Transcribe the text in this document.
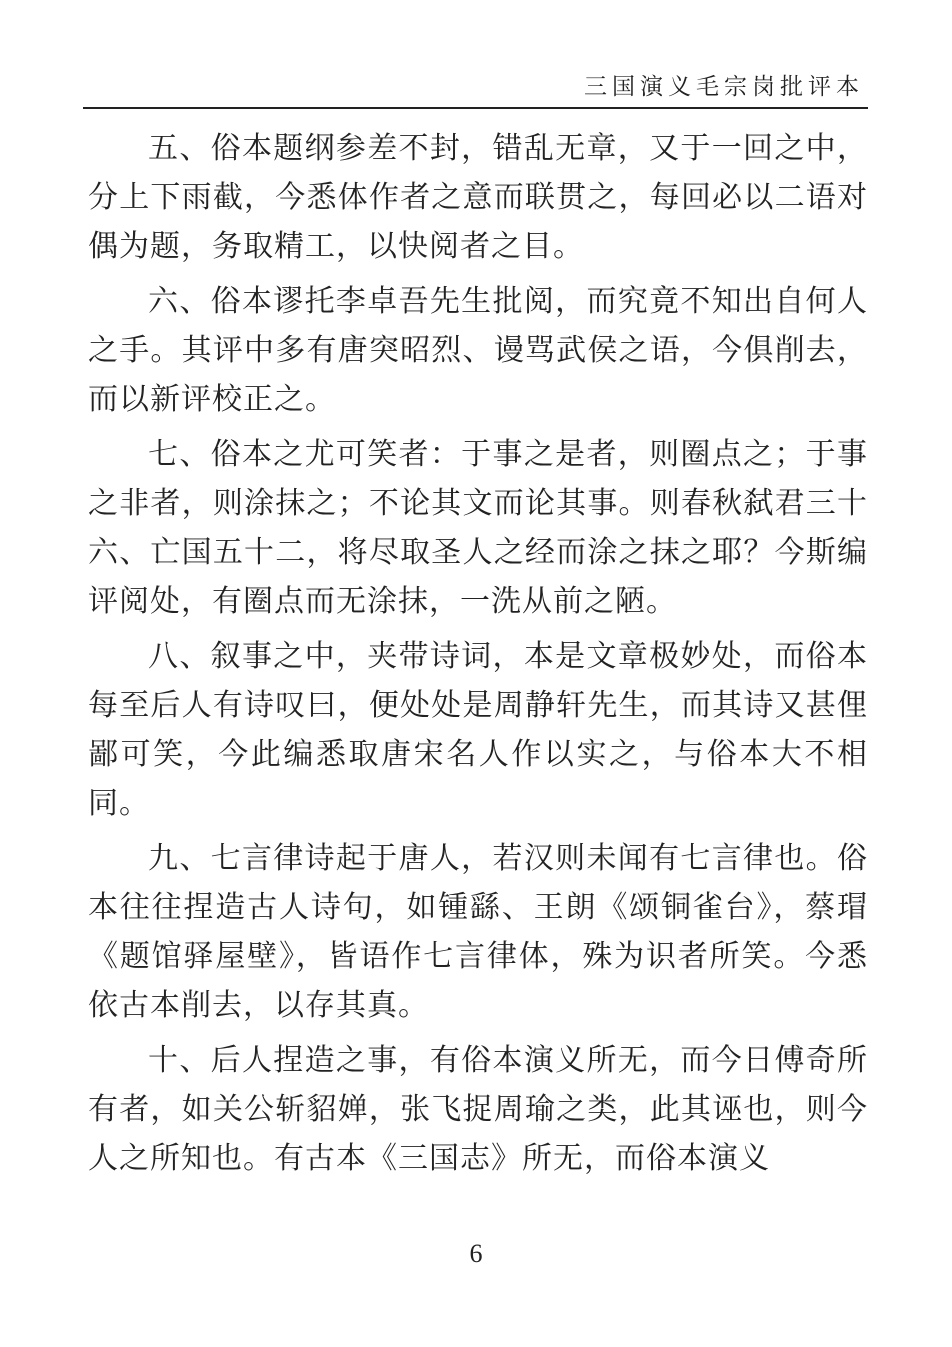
三国演义毛宗岗批评本

五、俗本题纲参差不封，错乱无章，又于一回之中，分上下雨截，今悉体作者之意而联贯之，每回必以二语对偶为题，务取精工，以快阅者之目。

六、俗本谬托李卓吾先生批阅，而究竟不知出自何人之手。其评中多有唐突昭烈、谩骂武侯之语，今俱削去，而以新评校正之。

七、俗本之尤可笑者：于事之是者，则圈点之；于事之非者，则涂抹之；不论其文而论其事。则春秋弑君三十六、亡国五十二，将尽取圣人之经而涂之抹之耶？今斯编评阅处，有圈点而无涂抹，一洗从前之陋。

八、叙事之中，夹带诗词，本是文章极妙处，而俗本每至后人有诗叹曰，便处处是周静轩先生，而其诗又甚俚鄙可笑，今此编悉取唐宋名人作以实之，与俗本大不相同。

九、七言律诗起于唐人，若汉则未闻有七言律也。俗本往往捏造古人诗句，如锺繇、王朗《颂铜雀台》，蔡瑁《题馆驿屋壁》，皆语作七言律体，殊为识者所笑。今悉依古本削去，以存其真。

十、后人捏造之事，有俗本演义所无，而今日傅奇所有者，如关公斩貂婵，张飞捉周瑜之类，此其诬也，则今人之所知也。有古本《三国志》所无，而俗本演义

6
